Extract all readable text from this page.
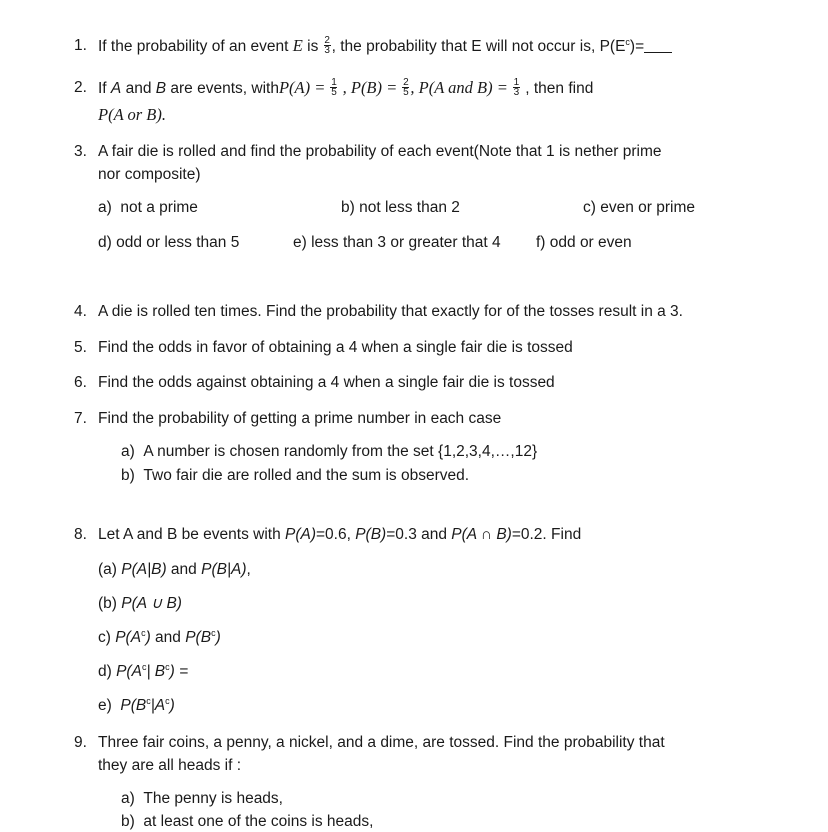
1. If the probability of an event E is $\frac{2}{3}$ , the probability that E will not occur is, $P(E^c)=$
2. If A and B are events, withP(A) = $\frac{1}{5}$ , $P(B) = \frac{2}{5}$ , P(A and $B) = \frac{1}{3}$ , then find
P(A or B).
3. A fair die is rolled and find the probability of each event(Note that 1 is nether prime
nor composite)
a)  not a prime	b) not less than 2	c) even or prime
d) odd or less than 5	e) less than 3 or greater that 4 f) odd or even
4. A die is rolled ten times. Find the probability that exactly for of the tosses result in a 3.
5. Find the odds in favor of obtaining a 4 when a single fair die is tossed
6. Find the odds against obtaining a 4 when a single fair die is tossed
7. Find the probability of getting a prime number in each case
a)  A number is chosen randomly from the set {1,2,3,4,…,12}
b)  Two fair die are rolled and the sum is observed.
8. Let A and B be events with P(A)=0.6, P(B)=0.3 and P(A ∩ B)=0.2. Find
(a) P(A|B) and P(B|A),
(b) P(A ∪ B)
c) $P(A^c)$ and $P(B^c)$
d) $P(A^c|$ $B^c$) =
e)  $P(B^c|A^c)$
9. Three fair coins, a penny, a nickel, and a dime, are tossed. Find the probability that
they are all heads if :
a)  The penny is heads,
b)  at least one of the coins is heads,
